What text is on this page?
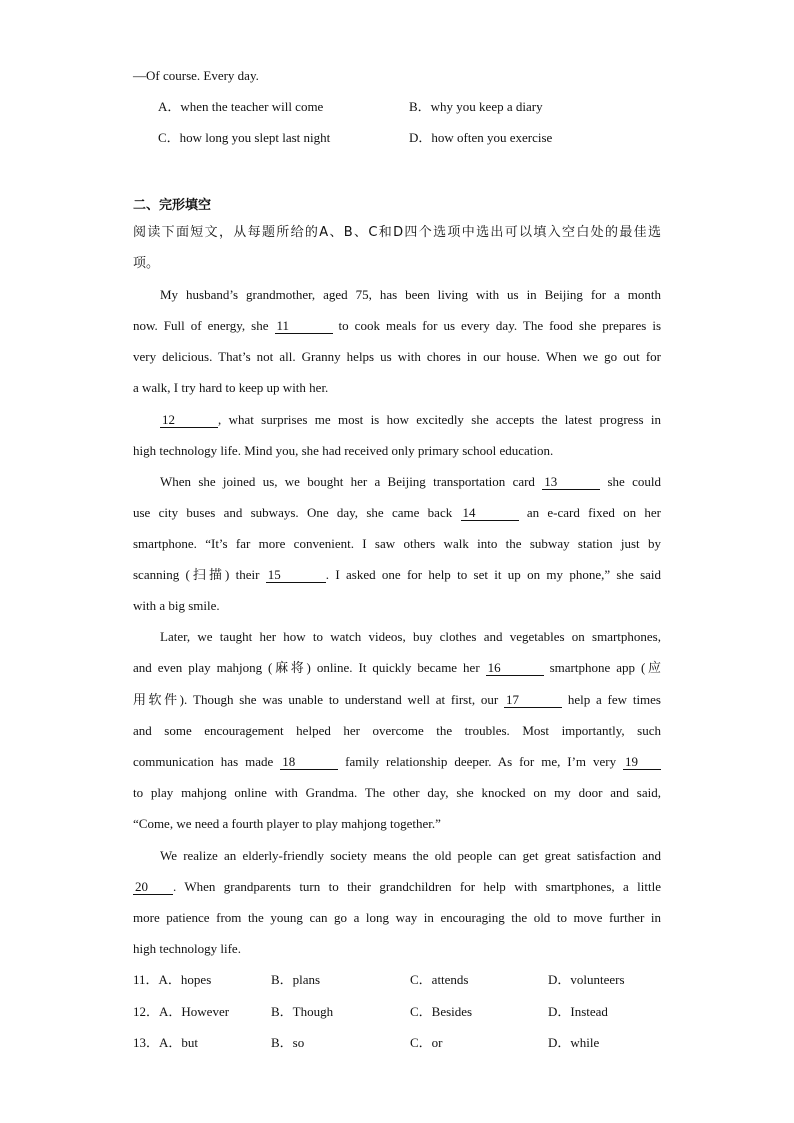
—Of course. Every day.
A．when the teacher will come	B．why you keep a diary
C．how long you slept last night	D．how often you exercise
二、完形填空
阅读下面短文，从每题所给的A、B、C和D四个选项中选出可以填入空白处的最佳选
项。
My husband’s grandmother, aged 75, has been living with us in Beijing for a month
now. Full of energy, she 11	to cook meals for us every day. The food she prepares is
very delicious. That’s not all. Granny helps us with chores in our house. When we go out for
a walk, I try hard to keep up with her.
12	, what surprises me most is how excitedly she accepts the latest progress in
high technology life. Mind you, she had received only primary school education.
When she joined us, we bought her a Beijing transportation card 13	she could
use city buses and subways. One day, she came back 14	an e-card fixed on her
smartphone. “It’s far more convenient. I saw others walk into the subway station just by
scanning (扫描) their 15	. I asked one for help to set it up on my phone,” she said
with a big smile.
Later, we taught her how to watch videos, buy clothes and vegetables on smartphones,
and even play mahjong (麻将) online. It quickly became her 16	smartphone app (应
用软件). Though she was unable to understand well at first, our 17	help a few times
and some encouragement helped her overcome the troubles. Most importantly, such
communication has made 18	family relationship deeper. As for me, I’m very 19
to play mahjong online with Grandma. The other day, she knocked on my door and said,
“Come, we need a fourth player to play mahjong together.”
We realize an elderly-friendly society means the old people can get great satisfaction and
20 . When grandparents turn to their grandchildren for help with smartphones, a little
more patience from the young can go a long way in encouraging the old to move further in
high technology life.
11．A．hopes	B．plans	C．attends	D．volunteers
12．A．However	B．Though	C．Besides	D．Instead
13．A．but	B．so	C．or	D．while
